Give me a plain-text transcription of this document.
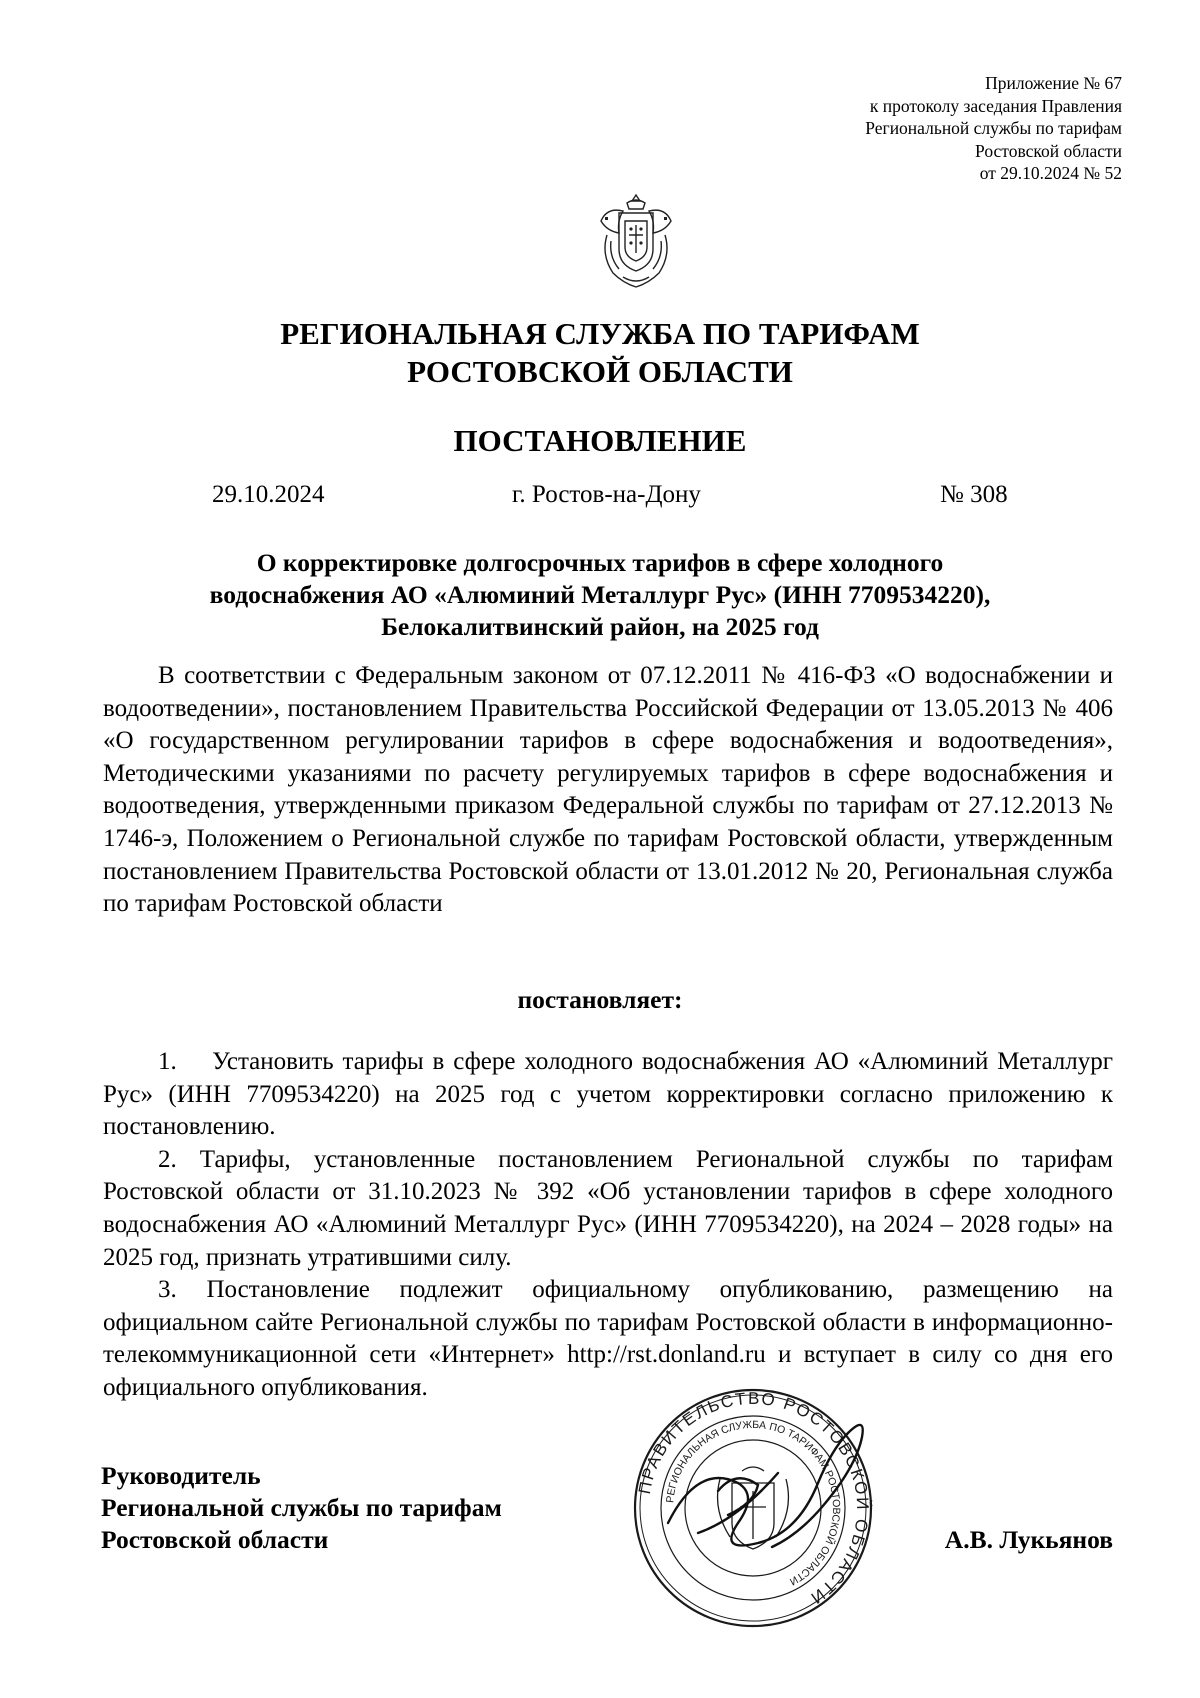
Приложение № 67
к протоколу заседания Правления
Региональной службы по тарифам
Ростовской области
от 29.10.2024 № 52
РЕГИОНАЛЬНАЯ СЛУЖБА ПО ТАРИФАМ
РОСТОВСКОЙ ОБЛАСТИ
ПОСТАНОВЛЕНИЕ
29.10.2024	г. Ростов-на-Дону	№ 308
О корректировке долгосрочных тарифов в сфере холодного
водоснабжения АО «Алюминий Металлург Рус» (ИНН 7709534220),
Белокалитвинский район, на 2025 год

В соответствии с Федеральным законом от 07.12.2011 № 416-ФЗ «О водоснабжении и водоотведении», постановлением Правительства Российской Федерации от 13.05.2013 № 406 «О государственном регулировании тарифов в сфере водоснабжения и водоотведения», Методическими указаниями по расчету регулируемых тарифов в сфере водоснабжения и водоотведения, утвержденными приказом Федеральной службы по тарифам от 27.12.2013 № 1746-э, Положением о Региональной службе по тарифам Ростовской области, утвержденным постановлением Правительства Ростовской области от 13.01.2012 № 20, Региональная служба по тарифам Ростовской области

постановляет:

1.    Установить тарифы в сфере холодного водоснабжения АО «Алюминий Металлург Рус» (ИНН 7709534220) на 2025 год с учетом корректировки согласно приложению к постановлению.

2. Тарифы, установленные постановлением Региональной службы по тарифам Ростовской области от 31.10.2023 № 392 «Об установлении тарифов в сфере холодного водоснабжения АО «Алюминий Металлург Рус» (ИНН 7709534220), на 2024 – 2028 годы» на 2025 год, признать утратившими силу.

3. Постановление подлежит официальному опубликованию, размещению на официальном сайте Региональной службы по тарифам Ростовской области в информационно-телекоммуникационной сети «Интернет» http://rst.donland.ru и вступает в силу со дня его официального опубликования.

Руководитель
Региональной службы по тарифам
Ростовской области
ПРАВИТЕЛЬСТВО РОСТОВСКОЙ ОБЛАСТИ
РЕГИОНАЛЬНАЯ СЛУЖБА ПО ТАРИФАМ РОСТОВСКОЙ ОБЛАСТИ
А.В. Лукьянов
